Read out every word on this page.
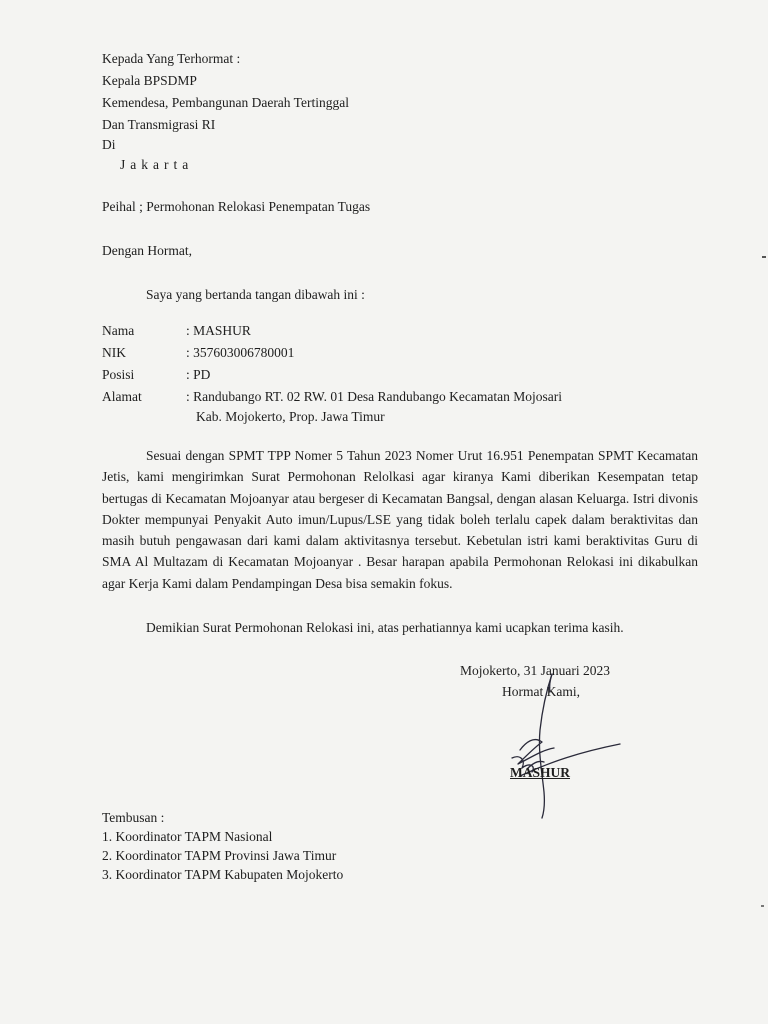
Kepada Yang Terhormat :
Kepala BPSDMP
Kemendesa, Pembangunan Daerah Tertinggal
Dan Transmigrasi RI
Di
Jakarta
Peihal ; Permohonan Relokasi Penempatan Tugas
Dengan Hormat,
Saya yang bertanda tangan dibawah ini :
Nama	: MASHUR
NIK	: 357603006780001
Posisi	: PD
Alamat	: Randubango RT. 02 RW. 01 Desa Randubango Kecamatan Mojosari
Kab. Mojokerto, Prop. Jawa Timur

Sesuai dengan SPMT TPP Nomer 5 Tahun 2023 Nomer Urut 16.951 Penempatan SPMT Kecamatan Jetis, kami mengirimkan Surat Permohonan Relolkasi agar kiranya Kami diberikan Kesempatan tetap bertugas di Kecamatan Mojoanyar atau bergeser di Kecamatan Bangsal, dengan alasan Keluarga. Istri divonis Dokter mempunyai Penyakit Auto imun/Lupus/LSE yang tidak boleh terlalu capek dalam beraktivitas dan masih butuh pengawasan dari kami dalam aktivitasnya tersebut. Kebetulan istri kami beraktivitas Guru di SMA Al Multazam di Kecamatan Mojoanyar . Besar harapan apabila Permohonan Relokasi ini dikabulkan agar Kerja Kami dalam Pendampingan Desa bisa semakin fokus.

Demikian Surat Permohonan Relokasi ini, atas perhatiannya kami ucapkan terima kasih.
Mojokerto, 31 Januari 2023
Hormat Kami,
MASHUR
Tembusan :
1. Koordinator TAPM Nasional
2. Koordinator TAPM Provinsi Jawa Timur
3. Koordinator TAPM Kabupaten Mojokerto
